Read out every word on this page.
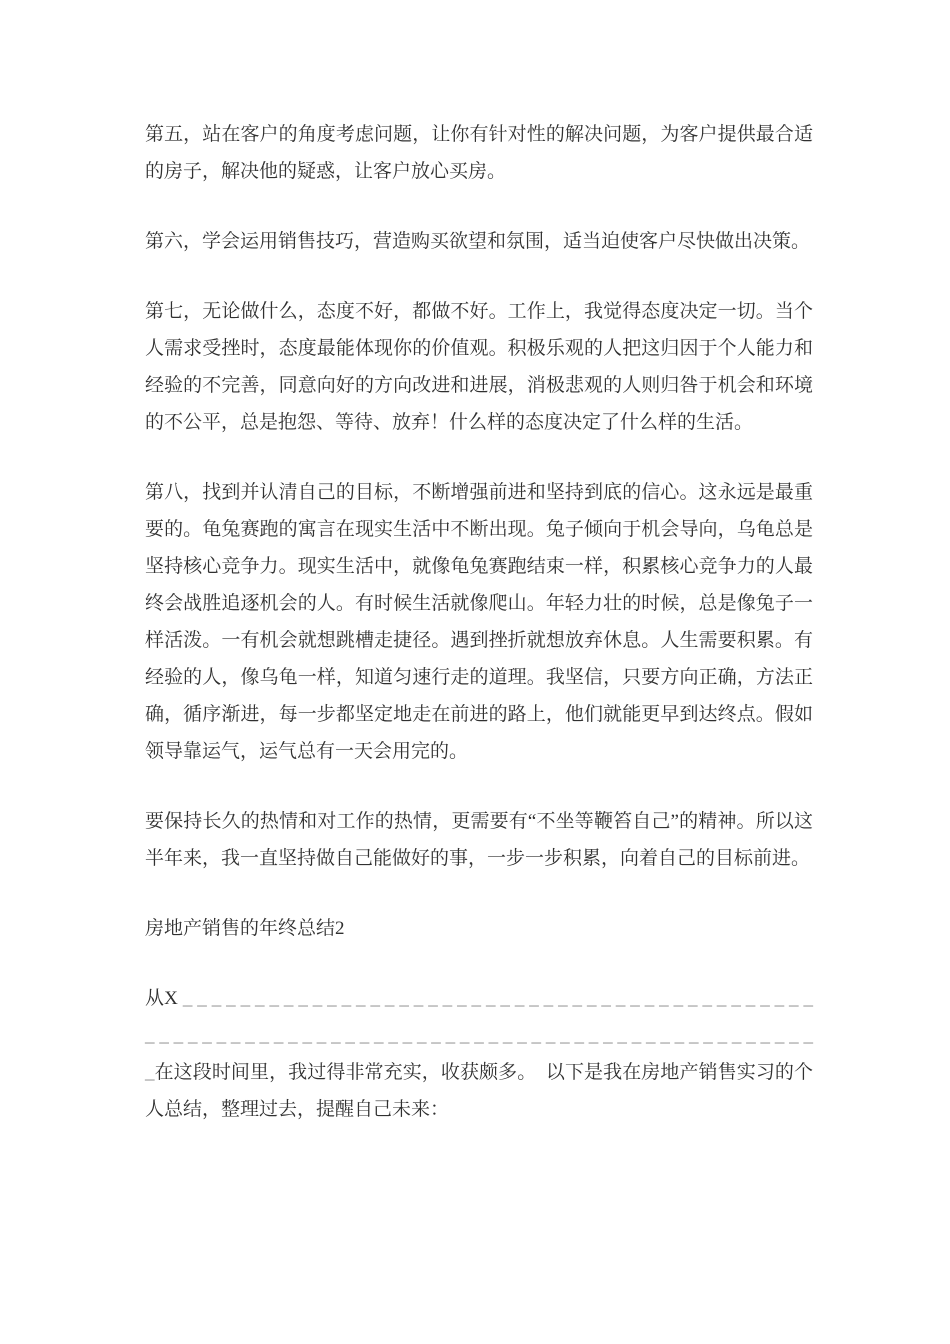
第五，站在客户的角度考虑问题，让你有针对性的解决问题，为客户提供最合适的房子，解决他的疑惑，让客户放心买房。

第六，学会运用销售技巧，营造购买欲望和氛围，适当迫使客户尽快做出决策。

第七，无论做什么，态度不好，都做不好。工作上，我觉得态度决定一切。当个人需求受挫时，态度最能体现你的价值观。积极乐观的人把这归因于个人能力和经验的不完善，同意向好的方向改进和进展，消极悲观的人则归咎于机会和环境的不公平，总是抱怨、等待、放弃！什么样的态度决定了什么样的生活。

第八，找到并认清自己的目标，不断增强前进和坚持到底的信心。这永远是最重要的。龟兔赛跑的寓言在现实生活中不断出现。兔子倾向于机会导向，乌龟总是坚持核心竞争力。现实生活中，就像龟兔赛跑结束一样，积累核心竞争力的人最终会战胜追逐机会的人。有时候生活就像爬山。年轻力壮的时候，总是像兔子一样活泼。一有机会就想跳槽走捷径。遇到挫折就想放弃休息。人生需要积累。有经验的人，像乌龟一样，知道匀速行走的道理。我坚信，只要方向正确，方法正确，循序渐进，每一步都坚定地走在前进的路上，他们就能更早到达终点。假如领导靠运气，运气总有一天会用完的。

要保持长久的热情和对工作的热情，更需要有“不坐等鞭笞自己”的精神。所以这半年来，我一直坚持做自己能做好的事，一步一步积累，向着自己的目标前进。

房地产销售的年终总结2

从X _ _ _ _ _ _ _ _ _ _ _ _ _ _ _ _ _ _ _ _ _ _ _ _ _ _ _ _ _ _ _ _ _ _ _ _ _ _ _ _ _ _ _ _ _ _ _ _ _ _ _ _ _ _ _ _ _ _ _ _ _ _ _ _ _ _ _ _ _ _ _ _ _ _ _ _ _ _ _ _ _ _ _ _ _ _ _ _ _ _ _ _在这段时间里，我过得非常充实，收获颇多。　以下是我在房地产销售实习的个人总结，整理过去，提醒自己未来：
